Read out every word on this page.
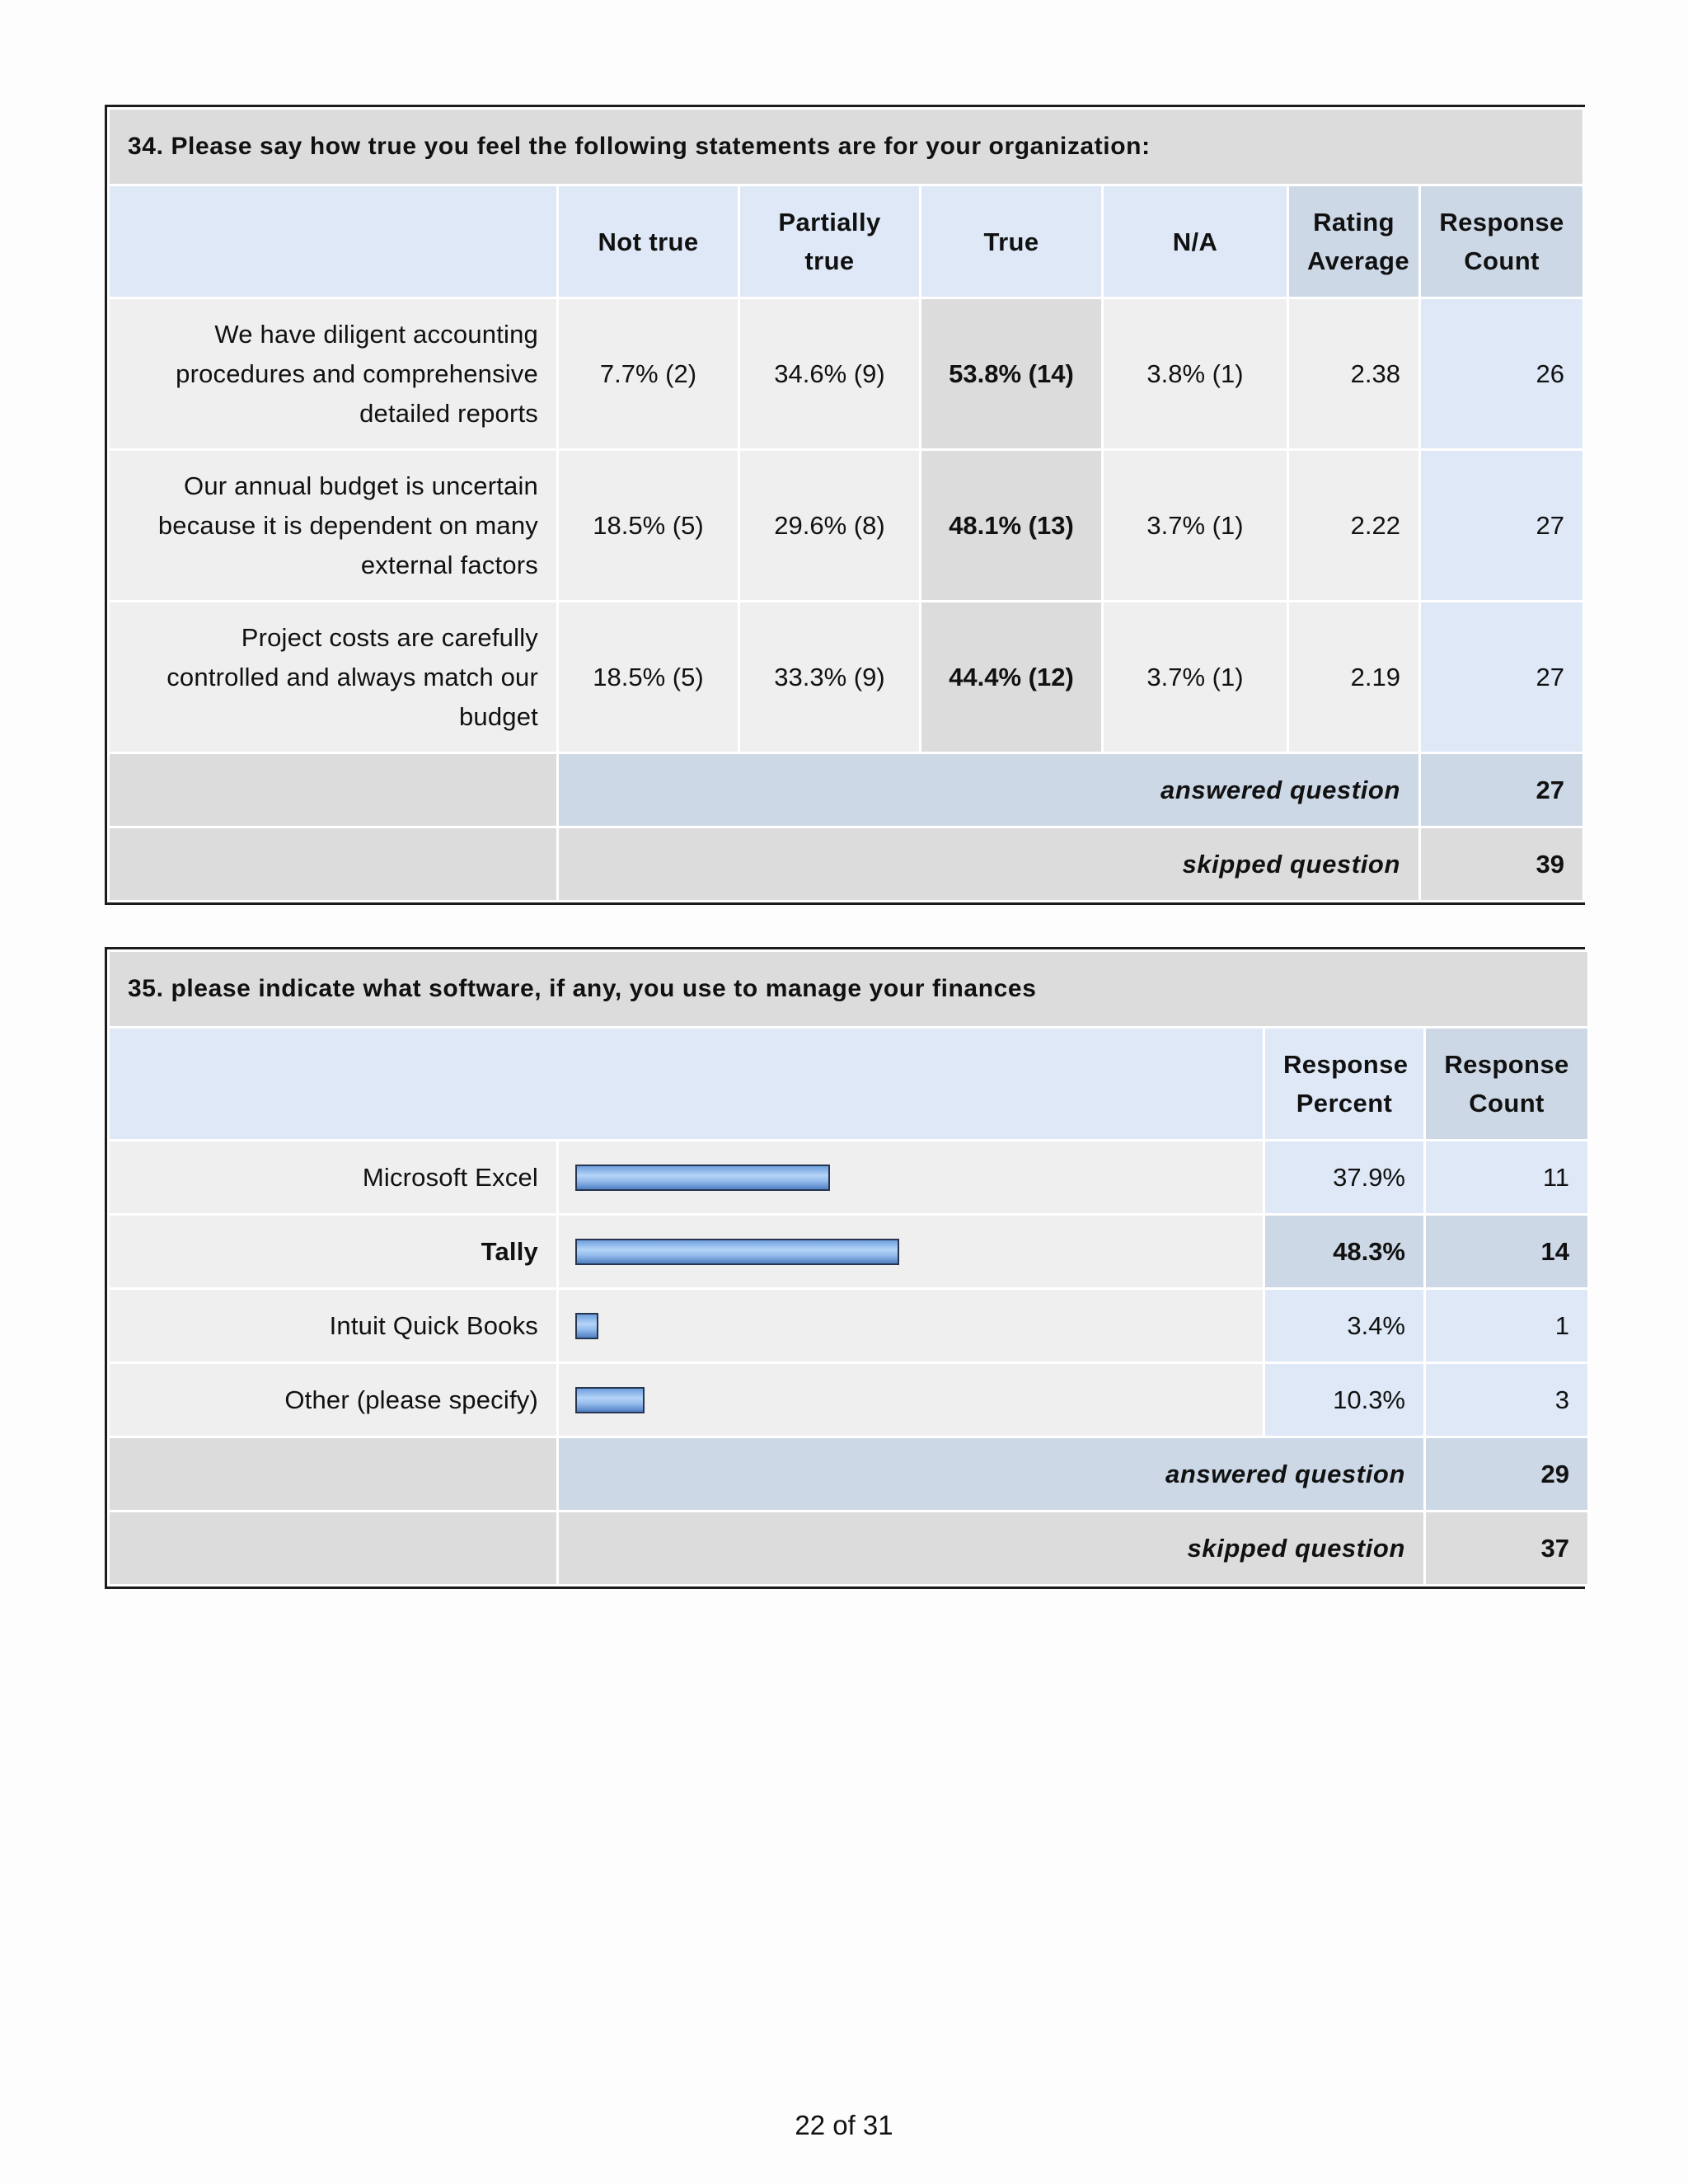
34. Please say how true you feel the following statements are for your organization:						
	Not true	Partially true	True	N/A	Rating Average	Response Count
We have diligent accounting procedures and comprehensive detailed reports	7.7% (2)	34.6% (9)	53.8% (14)	3.8% (1)	2.38	26
Our annual budget is uncertain because it is dependent on many external factors	18.5% (5)	29.6% (8)	48.1% (13)	3.7% (1)	2.22	27
Project costs are carefully controlled and always match our budget	18.5% (5)	33.3% (9)	44.4% (12)	3.7% (1)	2.19	27
	answered question					27
	skipped question					39
35. please indicate what software, if any, you use to manage your finances			
		Response Percent	Response Count
Microsoft Excel		37.9%	11
Tally		48.3%	14
Intuit Quick Books		3.4%	1
Other (please specify)		10.3%	3
	answered question		29
	skipped question		37
22 of 31
